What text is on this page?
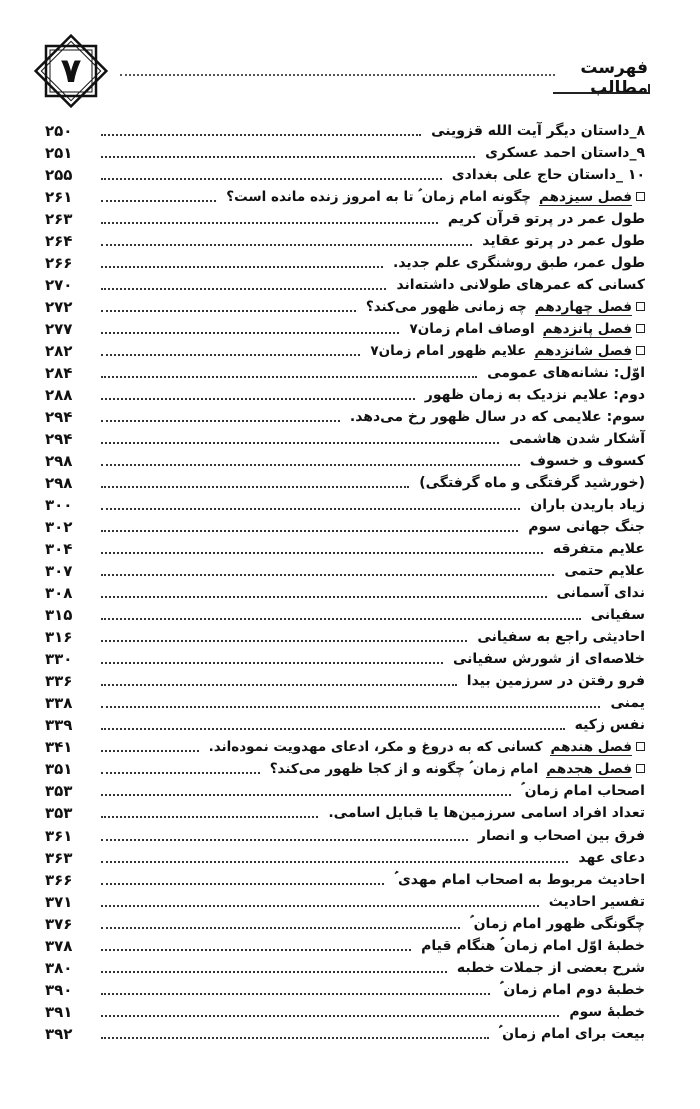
۷	فهرست مطالب
۸_داستان دیگر آیت الله قزوینی
۲۵۰
۹_داستان احمد عسکری
۲۵۱
۱۰ _داستان حاج علی بغدادی
۲۵۵
فصل سیزدهمچگونه امام زمان ؑ تا به امروز زنده مانده است؟
۲۶۱
طول عمر در پرتو قرآن کریم
۲۶۳
طول عمر در پرتو عقاید
۲۶۴
طول عمر، طبق روشنگری علم جدید.
۲۶۶
کسانی که عمرهای طولانی داشته‌اند
۲۷۰
فصل چهاردهمچه زمانی ظهور می‌کند؟
۲۷۲
فصل پانزدهماوصاف امام زمان۷
۲۷۷
فصل شانزدهمعلایم ظهور امام زمان۷
۲۸۲
اوّل: نشانه‌های عمومی
۲۸۴
دوم: علایم نزدیک به زمان ظهور
۲۸۸
سوم: علایمی که در سال ظهور رخ می‌دهد.
۲۹۴
آشکار شدن هاشمی
۲۹۴
کسوف و خسوف
۲۹۸
(خورشید گرفتگی و ماه گرفتگی)
۲۹۸
زیاد باریدن باران
۳۰۰
جنگ جهانی سوم
۳۰۲
علایم متفرقه
۳۰۴
علایم حتمی
۳۰۷
ندای آسمانی
۳۰۸
سفیانی
۳۱۵
احادیثی راجع به سفیانی
۳۱۶
خلاصه‌ای از شورش سفیانی
۳۳۰
فرو رفتن در سرزمین بیدا
۳۳۶
یمنی
۳۳۸
نفس زکیه
۳۳۹
فصل هندهمکسانی که به دروغ و مکر، ادعای مهدویت نموده‌اند.
۳۴۱
فصل هجدهمامام زمان ؑ چگونه و از کجا ظهور می‌کند؟
۳۵۱
اصحاب امام زمان ؑ
۳۵۳
تعداد افراد اسامی سرزمین‌ها یا قبایل اسامی.
۳۵۳
فرق بین اصحاب و انصار
۳۶۱
دعای عهد
۳۶۳
احادیث مربوط به اصحاب امام مهدی ؑ
۳۶۶
تفسیر احادیث
۳۷۱
چگونگی ظهور امام زمان ؑ
۳۷۶
خطبهٔ اوّل امام زمان ؑ هنگام قیام
۳۷۸
شرح بعضی از جملات خطبه
۳۸۰
خطبهٔ دوم امام زمان ؑ
۳۹۰
خطبهٔ سوم
۳۹۱
بیعت برای امام زمان ؑ
۳۹۲
